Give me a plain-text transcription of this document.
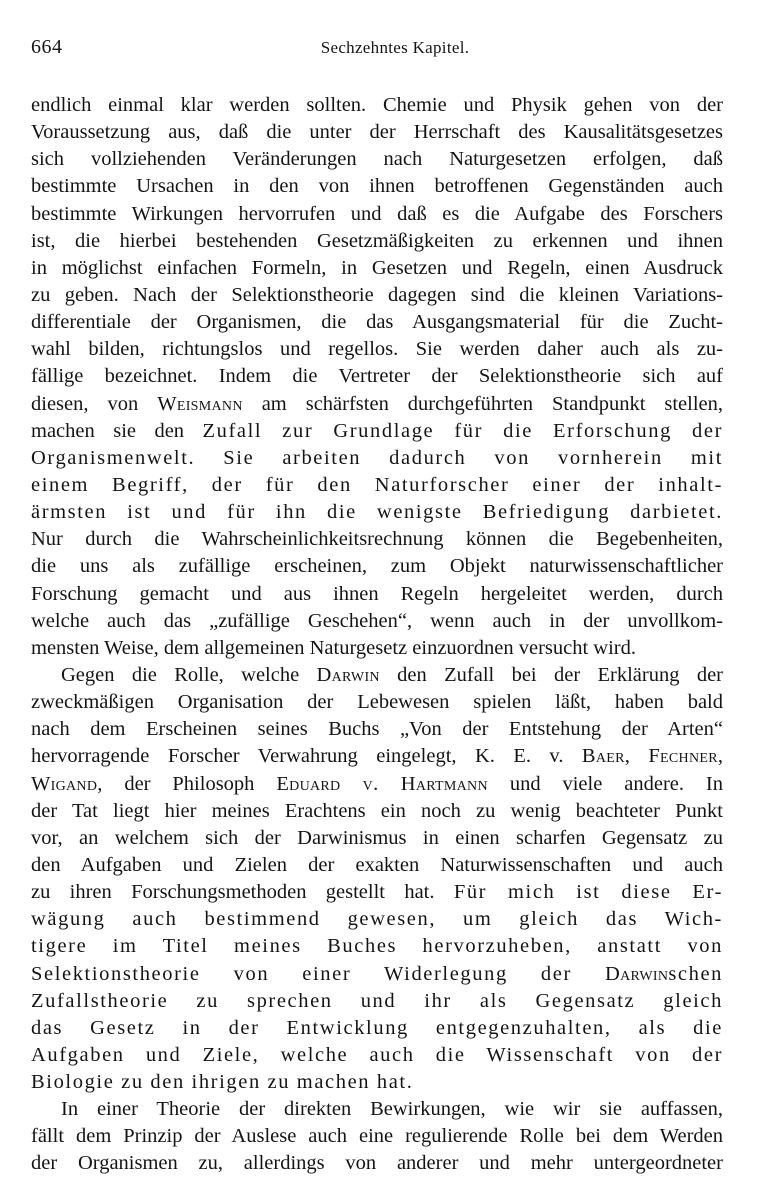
664	Sechzehntes Kapitel.
endlich einmal klar werden sollten. Chemie und Physik gehen von der
Voraussetzung aus, daß die unter der Herrschaft des Kausalitätsgesetzes
sich vollziehenden Veränderungen nach Naturgesetzen erfolgen, daß
bestimmte Ursachen in den von ihnen betroffenen Gegenständen auch
bestimmte Wirkungen hervorrufen und daß es die Aufgabe des Forschers
ist, die hierbei bestehenden Gesetzmäßigkeiten zu erkennen und ihnen
in möglichst einfachen Formeln, in Gesetzen und Regeln, einen Ausdruck
zu geben. Nach der Selektionstheorie dagegen sind die kleinen Variations-
differentiale der Organismen, die das Ausgangsmaterial für die Zucht-
wahl bilden, richtungslos und regellos. Sie werden daher auch als zu-
fällige bezeichnet. Indem die Vertreter der Selektionstheorie sich auf
diesen, von Weismann am schärfsten durchgeführten Standpunkt stellen,
machen sie den Zufall zur Grundlage für die Erforschung der
Organismenwelt. Sie arbeiten dadurch von vornherein mit
einem Begriff, der für den Naturforscher einer der inhalt-
ärmsten ist und für ihn die wenigste Befriedigung darbietet.
Nur durch die Wahrscheinlichkeitsrechnung können die Begebenheiten,
die uns als zufällige erscheinen, zum Objekt naturwissenschaftlicher
Forschung gemacht und aus ihnen Regeln hergeleitet werden, durch
welche auch das „zufällige Geschehen“, wenn auch in der unvollkom-
mensten Weise, dem allgemeinen Naturgesetz einzuordnen versucht wird.
Gegen die Rolle, welche Darwin den Zufall bei der Erklärung der
zweckmäßigen Organisation der Lebewesen spielen läßt, haben bald
nach dem Erscheinen seines Buchs „Von der Entstehung der Arten“
hervorragende Forscher Verwahrung eingelegt, K. E. v. Baer, Fechner,
Wigand, der Philosoph Eduard v. Hartmann und viele andere. In
der Tat liegt hier meines Erachtens ein noch zu wenig beachteter Punkt
vor, an welchem sich der Darwinismus in einen scharfen Gegensatz zu
den Aufgaben und Zielen der exakten Naturwissenschaften und auch
zu ihren Forschungsmethoden gestellt hat. Für mich ist diese Er-
wägung auch bestimmend gewesen, um gleich das Wich-
tigere im Titel meines Buches hervorzuheben, anstatt von
Selektionstheorie von einer Widerlegung der Darwinschen
Zufallstheorie zu sprechen und ihr als Gegensatz gleich
das Gesetz in der Entwicklung entgegenzuhalten, als die
Aufgaben und Ziele, welche auch die Wissenschaft von der
Biologie zu den ihrigen zu machen hat.
In einer Theorie der direkten Bewirkungen, wie wir sie auffassen,
fällt dem Prinzip der Auslese auch eine regulierende Rolle bei dem Werden
der Organismen zu, allerdings von anderer und mehr untergeordneter
